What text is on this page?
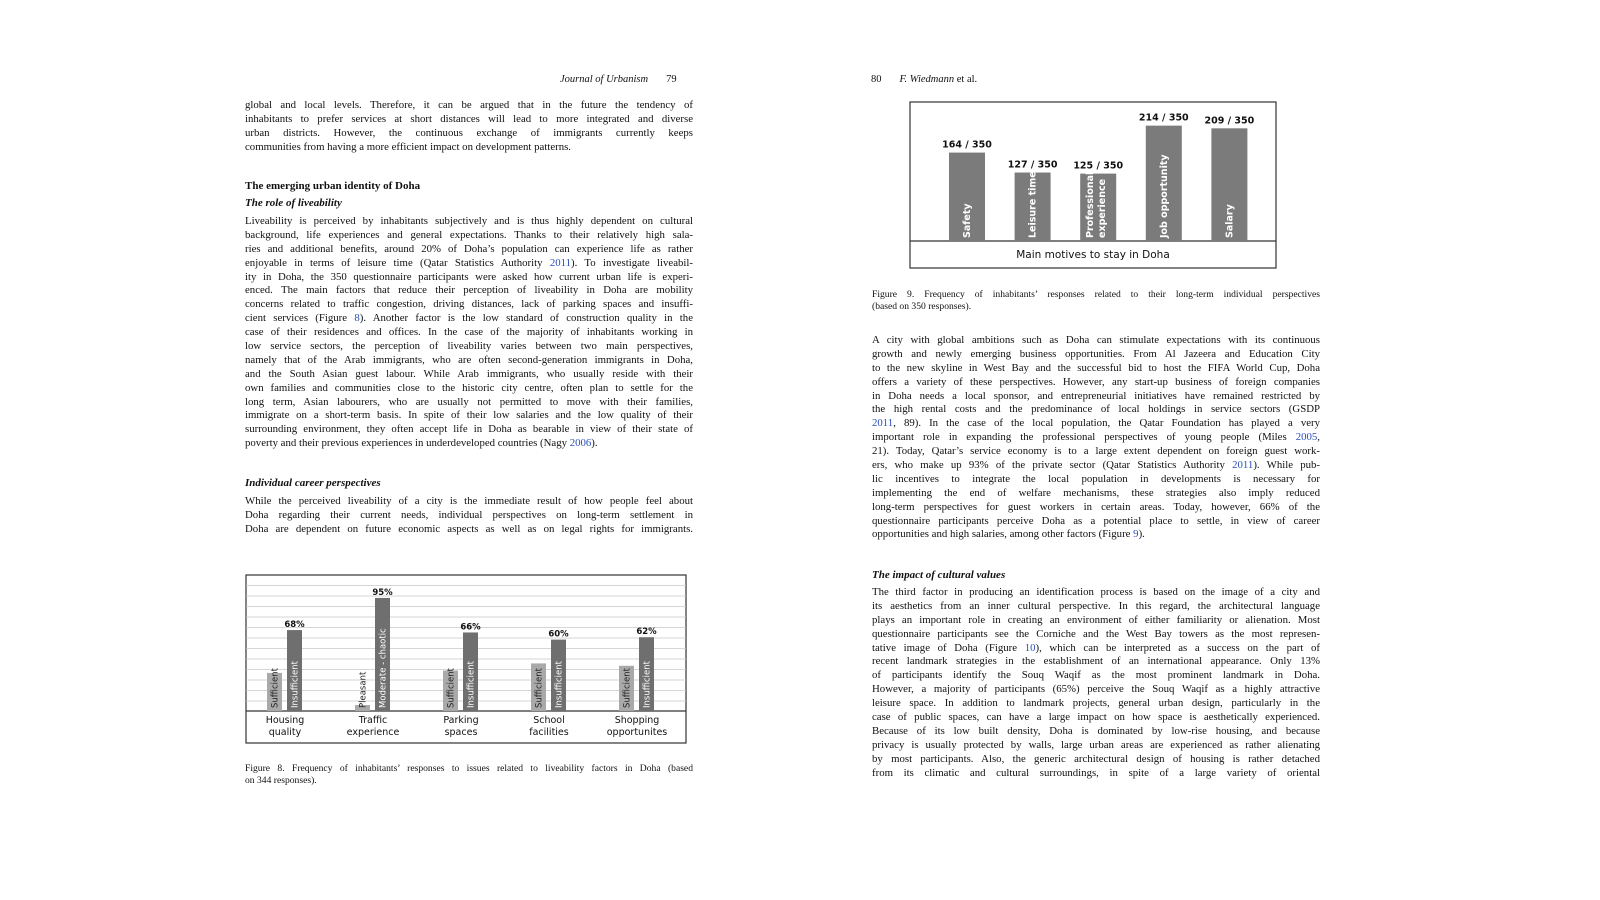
Journal of Urbanism 79
global and local levels. Therefore, it can be argued that in the future the tendency of
inhabitants to prefer services at short distances will lead to more integrated and diverse
urban districts. However, the continuous exchange of immigrants currently keeps
communities from having a more efficient impact on development patterns.
The emerging urban identity of Doha
The role of liveability
Liveability is perceived by inhabitants subjectively and is thus highly dependent on cultural
background, life experiences and general expectations. Thanks to their relatively high sala-
ries and additional benefits, around 20% of Doha’s population can experience life as rather
enjoyable in terms of leisure time (Qatar Statistics Authority 2011). To investigate liveabil-
ity in Doha, the 350 questionnaire participants were asked how current urban life is experi-
enced. The main factors that reduce their perception of liveability in Doha are mobility
concerns related to traffic congestion, driving distances, lack of parking spaces and insuffi-
cient services (Figure 8). Another factor is the low standard of construction quality in the
case of their residences and offices. In the case of the majority of inhabitants working in
low service sectors, the perception of liveability varies between two main perspectives,
namely that of the Arab immigrants, who are often second-generation immigrants in Doha,
and the South Asian guest labour. While Arab immigrants, who usually reside with their
own families and communities close to the historic city centre, often plan to settle for the
long term, Asian labourers, who are usually not permitted to move with their families,
immigrate on a short-term basis. In spite of their low salaries and the low quality of their
surrounding environment, they often accept life in Doha as bearable in view of their state of
poverty and their previous experiences in underdeveloped countries (Nagy 2006).
Individual career perspectives
While the perceived liveability of a city is the immediate result of how people feel about
Doha regarding their current needs, individual perspectives on long-term settlement in
Doha are dependent on future economic aspects as well as on legal rights for immigrants.
Sufficient Insufficient
68%
Housing
quality
Pleasant Moderate - chaotic
95%
Traffic
experience
Sufficient Insufficient
66%
Parking
spaces
Sufficient Insufficient
60%
School
facilities
Sufficient Insufficient
62%
Shopping
opportunites
Figure 8. Frequency of inhabitants’ responses to issues related to liveability factors in Doha (based
on 344 responses).
80 F. Wiedmann et al.
Main motives to stay in Doha
164 / 350
Safety
127 / 350
Leisure time
125 / 350
Professional experience
214 / 350
Job opportunity
209 / 350
Salary
Figure 9. Frequency of inhabitants’ responses related to their long-term individual perspectives
(based on 350 responses).
A city with global ambitions such as Doha can stimulate expectations with its continuous
growth and newly emerging business opportunities. From Al Jazeera and Education City
to the new skyline in West Bay and the successful bid to host the FIFA World Cup, Doha
offers a variety of these perspectives. However, any start-up business of foreign companies
in Doha needs a local sponsor, and entrepreneurial initiatives have remained restricted by
the high rental costs and the predominance of local holdings in service sectors (GSDP
2011, 89). In the case of the local population, the Qatar Foundation has played a very
important role in expanding the professional perspectives of young people (Miles 2005,
21). Today, Qatar’s service economy is to a large extent dependent on foreign guest work-
ers, who make up 93% of the private sector (Qatar Statistics Authority 2011). While pub-
lic incentives to integrate the local population in developments is necessary for
implementing the end of welfare mechanisms, these strategies also imply reduced
long-term perspectives for guest workers in certain areas. Today, however, 66% of the
questionnaire participants perceive Doha as a potential place to settle, in view of career
opportunities and high salaries, among other factors (Figure 9).
The impact of cultural values
The third factor in producing an identification process is based on the image of a city and
its aesthetics from an inner cultural perspective. In this regard, the architectural language
plays an important role in creating an environment of either familiarity or alienation. Most
questionnaire participants see the Corniche and the West Bay towers as the most represen-
tative image of Doha (Figure 10), which can be interpreted as a success on the part of
recent landmark strategies in the establishment of an international appearance. Only 13%
of participants identify the Souq Waqif as the most prominent landmark in Doha.
However, a majority of participants (65%) perceive the Souq Waqif as a highly attractive
leisure space. In addition to landmark projects, general urban design, particularly in the
case of public spaces, can have a large impact on how space is aesthetically experienced.
Because of its low built density, Doha is dominated by low-rise housing, and because
privacy is usually protected by walls, large urban areas are experienced as rather alienating
by most participants. Also, the generic architectural design of housing is rather detached
from its climatic and cultural surroundings, in spite of a large variety of oriental
